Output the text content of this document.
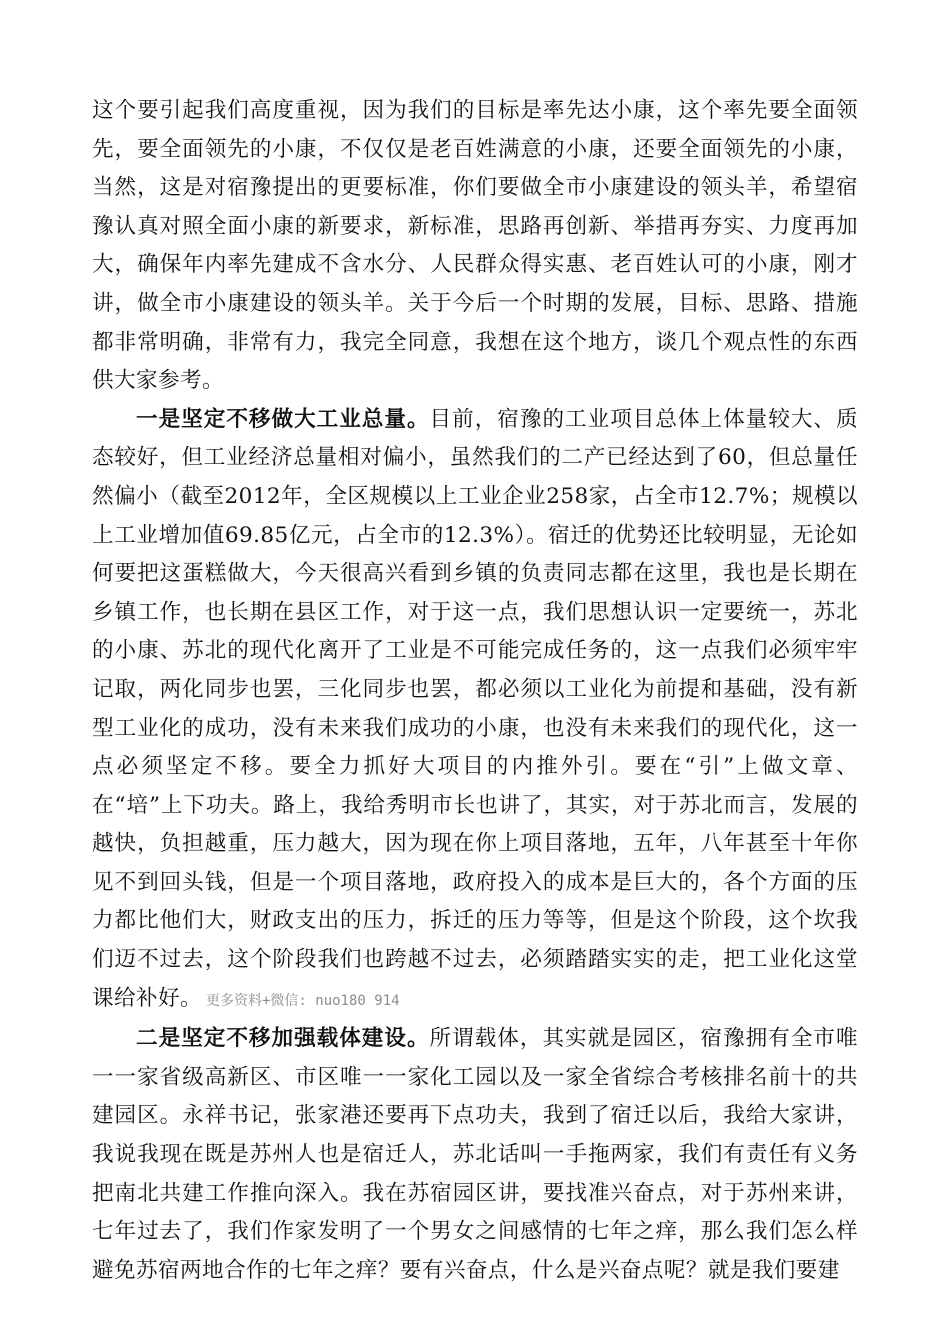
这个要引起我们高度重视，因为我们的目标是率先达小康，这个率先要全面领先，要全面领先的小康，不仅仅是老百姓满意的小康，还要全面领先的小康，当然，这是对宿豫提出的更要标准，你们要做全市小康建设的领头羊，希望宿豫认真对照全面小康的新要求，新标准，思路再创新、举措再夯实、力度再加大，确保年内率先建成不含水分、人民群众得实惠、老百姓认可的小康，刚才讲，做全市小康建设的领头羊。关于今后一个时期的发展，目标、思路、措施都非常明确，非常有力，我完全同意，我想在这个地方，谈几个观点性的东西供大家参考。

一是坚定不移做大工业总量。目前，宿豫的工业项目总体上体量较大、质态较好，但工业经济总量相对偏小，虽然我们的二产已经达到了60，但总量任然偏小（截至2012年，全区规模以上工业企业258家，占全市12.7%；规模以上工业增加值69.85亿元，占全市的12.3%）。宿迁的优势还比较明显，无论如何要把这蛋糕做大，今天很高兴看到乡镇的负责同志都在这里，我也是长期在乡镇工作，也长期在县区工作，对于这一点，我们思想认识一定要统一，苏北的小康、苏北的现代化离开了工业是不可能完成任务的，这一点我们必须牢牢记取，两化同步也罢，三化同步也罢，都必须以工业化为前提和基础，没有新型工业化的成功，没有未来我们成功的小康，也没有未来我们的现代化，这一点必须坚定不移。要全力抓好大项目的内推外引。要在“引”上做文章、在“培”上下功夫。路上，我给秀明市长也讲了，其实，对于苏北而言，发展的越快，负担越重，压力越大，因为现在你上项目落地，五年，八年甚至十年你见不到回头钱，但是一个项目落地，政府投入的成本是巨大的，各个方面的压力都比他们大，财政支出的压力，拆迁的压力等等，但是这个阶段，这个坎我们迈不过去，这个阶段我们也跨越不过去，必须踏踏实实的走，把工业化这堂课给补好。 更多资料+微信: nuo180 914

二是坚定不移加强载体建设。所谓载体，其实就是园区，宿豫拥有全市唯一一家省级高新区、市区唯一一家化工园以及一家全省综合考核排名前十的共建园区。永祥书记，张家港还要再下点功夫，我到了宿迁以后，我给大家讲，我说我现在既是苏州人也是宿迁人，苏北话叫一手拖两家，我们有责任有义务把南北共建工作推向深入。我在苏宿园区讲，要找准兴奋点，对于苏州来讲，七年过去了，我们作家发明了一个男女之间感情的七年之痒，那么我们怎么样避免苏宿两地合作的七年之痒？要有兴奋点，什么是兴奋点呢？就是我们要建
